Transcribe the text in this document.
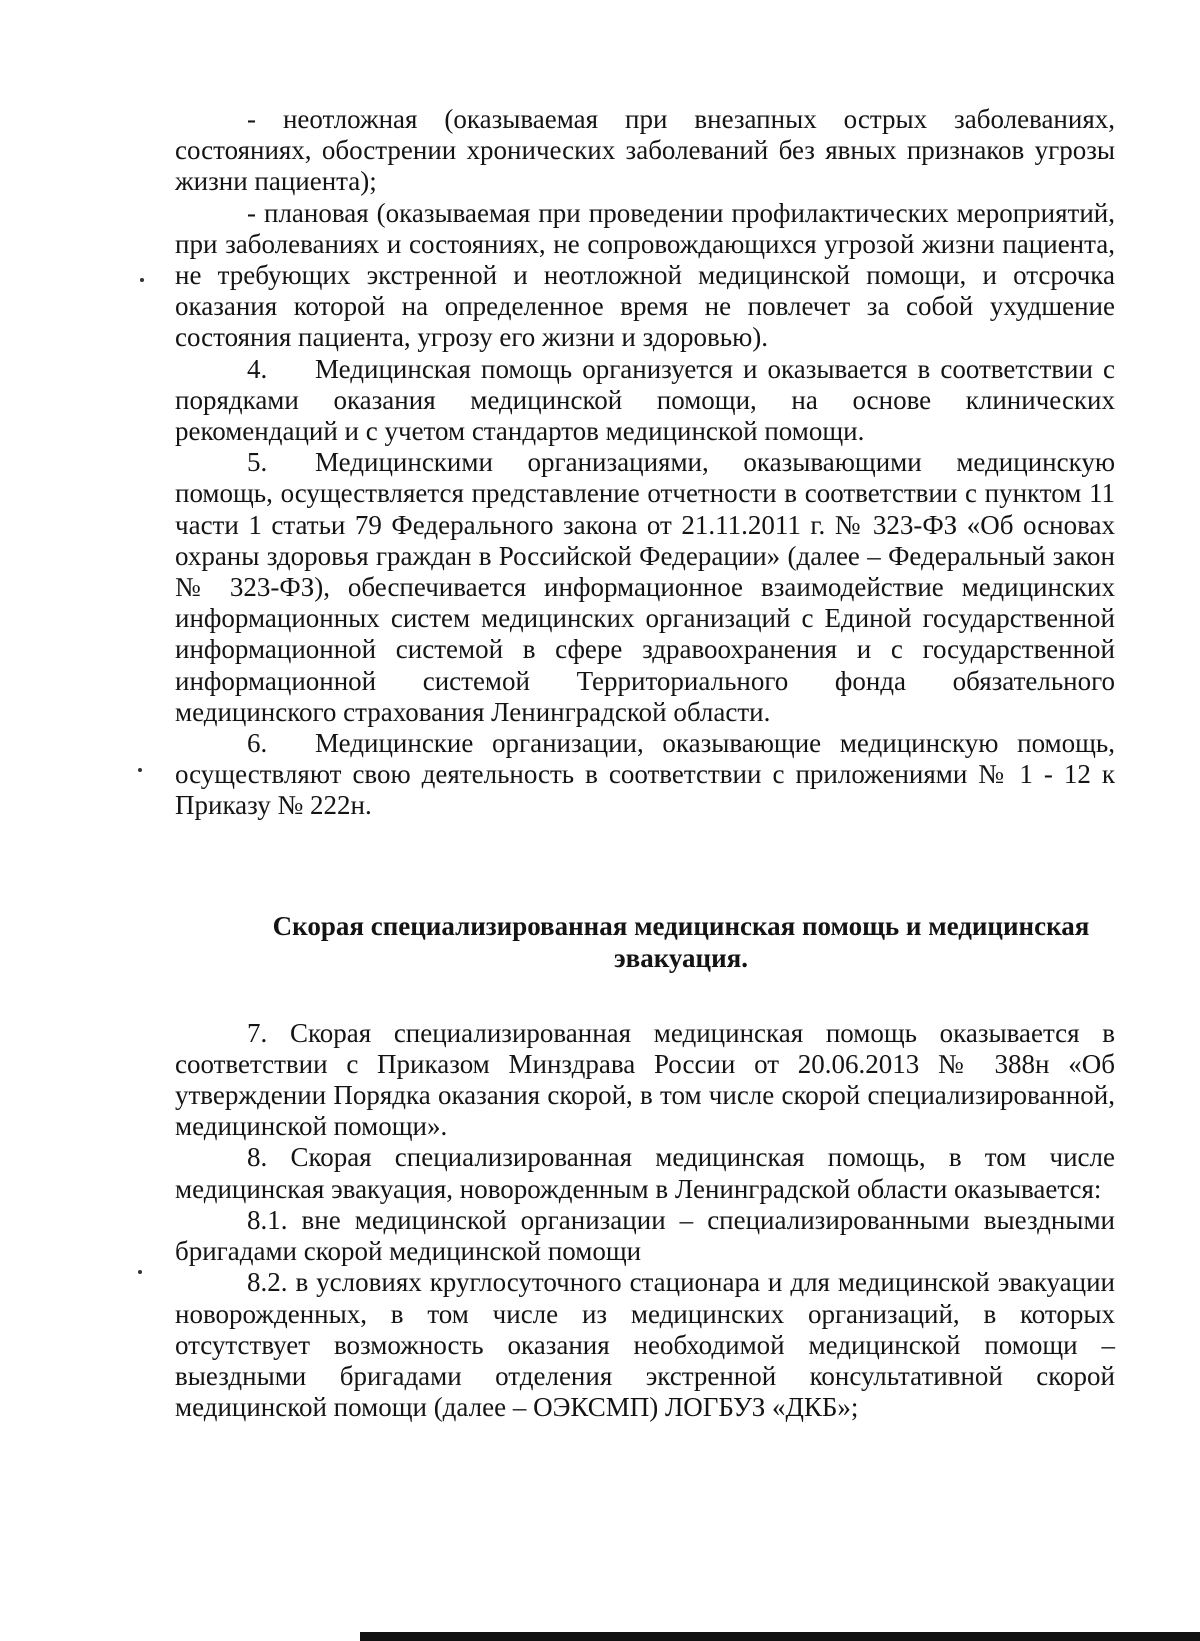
- неотложная (оказываемая при внезапных острых заболеваниях, состояниях, обострении хронических заболеваний без явных признаков угрозы жизни пациента);

- плановая (оказываемая при проведении профилактических мероприятий, при заболеваниях и состояниях, не сопровождающихся угрозой жизни пациента, не требующих экстренной и неотложной медицинской помощи, и отсрочка оказания которой на определенное время не повлечет за собой ухудшение состояния пациента, угрозу его жизни и здоровью).

4. Медицинская помощь организуется и оказывается в соответствии с порядками оказания медицинской помощи, на основе клинических рекомендаций и с учетом стандартов медицинской помощи.

5. Медицинскими организациями, оказывающими медицинскую помощь, осуществляется представление отчетности в соответствии с пунктом 11 части 1 статьи 79 Федерального закона от 21.11.2011 г. № 323-ФЗ «Об основах охраны здоровья граждан в Российской Федерации» (далее – Федеральный закон № 323-ФЗ), обеспечивается информационное взаимодействие медицинских информационных систем медицинских организаций с Единой государственной информационной системой в сфере здравоохранения и с государственной информационной системой Территориального фонда обязательного медицинского страхования Ленинградской области.

6. Медицинские организации, оказывающие медицинскую помощь, осуществляют свою деятельность в соответствии с приложениями № 1 - 12 к Приказу № 222н.

Скорая специализированная медицинская помощь и медицинская эвакуация.

7. Скорая специализированная медицинская помощь оказывается в соответствии с Приказом Минздрава России от 20.06.2013 № 388н «Об утверждении Порядка оказания скорой, в том числе скорой специализированной, медицинской помощи».

8. Скорая специализированная медицинская помощь, в том числе медицинская эвакуация, новорожденным в Ленинградской области оказывается:

8.1. вне медицинской организации – специализированными выездными бригадами скорой медицинской помощи

8.2. в условиях круглосуточного стационара и для медицинской эвакуации новорожденных, в том числе из медицинских организаций, в которых отсутствует возможность оказания необходимой медицинской помощи – выездными бригадами отделения экстренной консультативной скорой медицинской помощи (далее – ОЭКСМП) ЛОГБУЗ «ДКБ»;
